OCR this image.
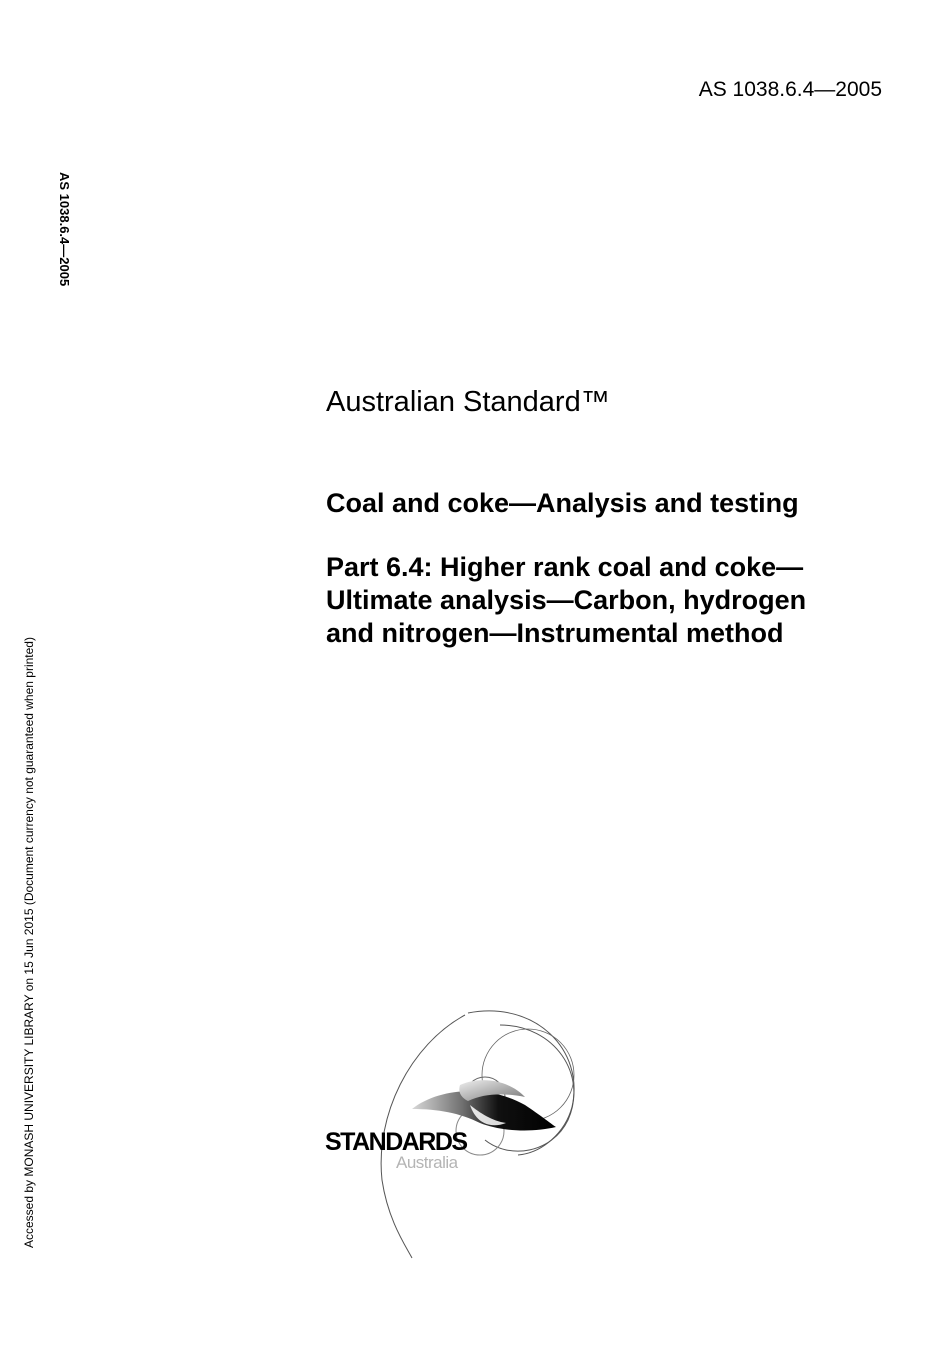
AS 1038.6.4—2005
AS 1038.6.4—2005
Accessed by MONASH UNIVERSITY LIBRARY on 15 Jun 2015 (Document currency not guaranteed when printed)
Australian Standard™
Coal and coke—Analysis and testing
Part 6.4: Higher rank coal and coke—
Ultimate analysis—Carbon, hydrogen
and nitrogen—Instrumental method
STANDARDS
Australia
